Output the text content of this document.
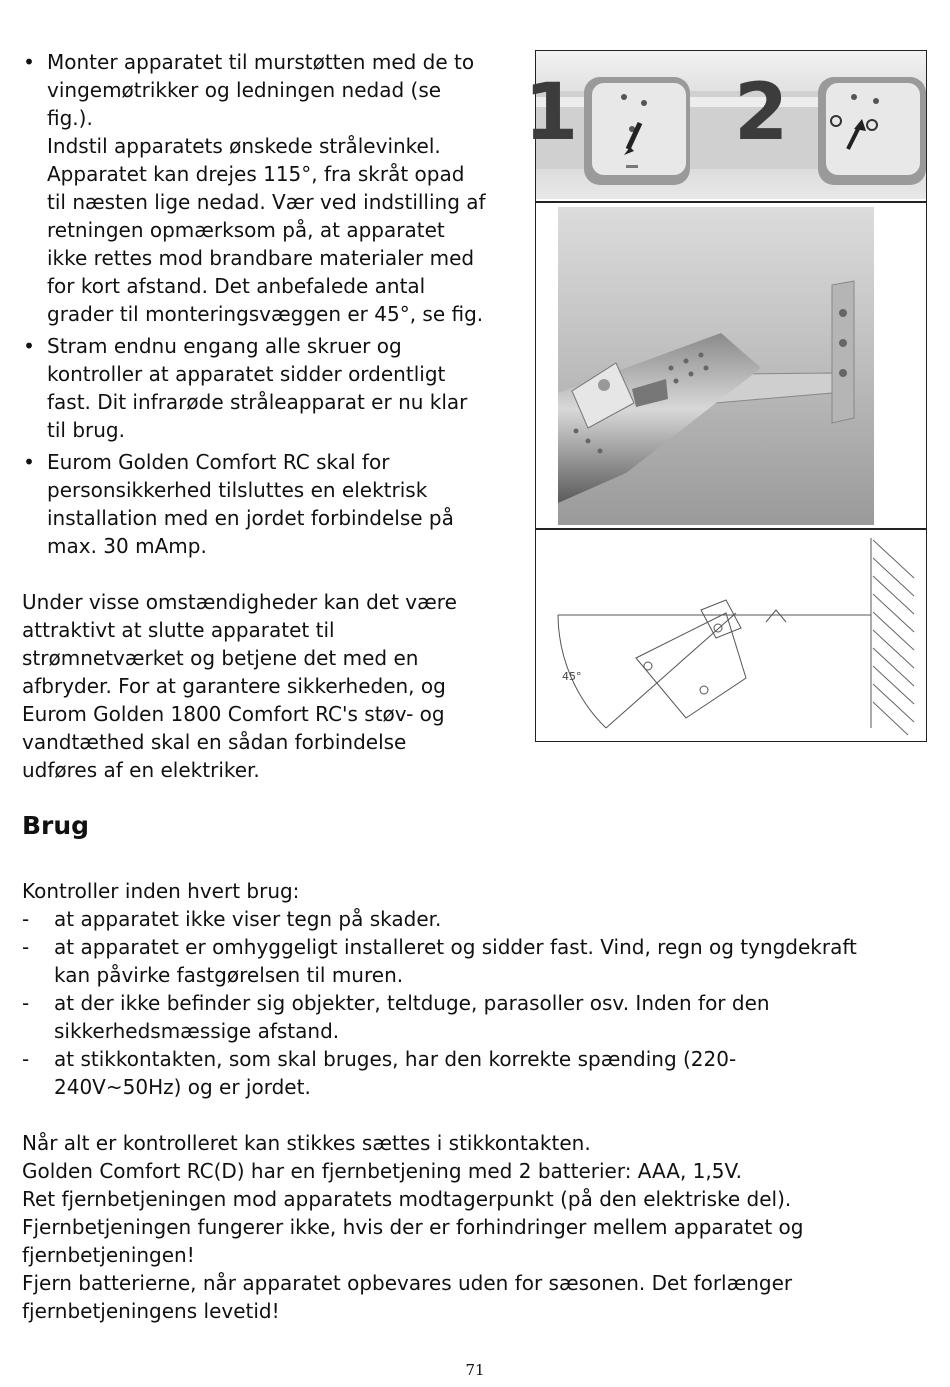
• Monter apparatet til murstøtten med de to
vingemøtrikker og ledningen nedad (se
fig.).
Indstil apparatets ønskede strålevinkel.
Apparatet kan drejes 115°, fra skråt opad
til næsten lige nedad. Vær ved indstilling af
retningen opmærksom på, at apparatet
ikke rettes mod brandbare materialer med
for kort afstand. Det anbefalede antal
grader til monteringsvæggen er 45°, se fig.
• Stram endnu engang alle skruer og
kontroller at apparatet sidder ordentligt
fast. Dit infrarøde stråleapparat er nu klar
til brug.
• Eurom Golden Comfort RC skal for
personsikkerhed tilsluttes en elektrisk
installation med en jordet forbindelse på
max. 30 mAmp.
Under visse omstændigheder kan det være
attraktivt at slutte apparatet til
strømnetværket og betjene det med en
afbryder. For at garantere sikkerheden, og
Eurom Golden 1800 Comfort RC's støv- og
vandtæthed skal en sådan forbindelse
udføres af en elektriker.
1 2
45°
Brug
Kontroller inden hvert brug:
- at apparatet ikke viser tegn på skader.
- at apparatet er omhyggeligt installeret og sidder fast. Vind, regn og tyngdekraft
kan påvirke fastgørelsen til muren.
- at der ikke befinder sig objekter, teltduge, parasoller osv. Inden for den
sikkerhedsmæssige afstand.
- at stikkontakten, som skal bruges, har den korrekte spænding (220-
240V~50Hz) og er jordet.
Når alt er kontrolleret kan stikkes sættes i stikkontakten.
Golden Comfort RC(D) har en fjernbetjening med 2 batterier: AAA, 1,5V.
Ret fjernbetjeningen mod apparatets modtagerpunkt (på den elektriske del).
Fjernbetjeningen fungerer ikke, hvis der er forhindringer mellem apparatet og
fjernbetjeningen!
Fjern batterierne, når apparatet opbevares uden for sæsonen. Det forlænger
fjernbetjeningens levetid!
71
